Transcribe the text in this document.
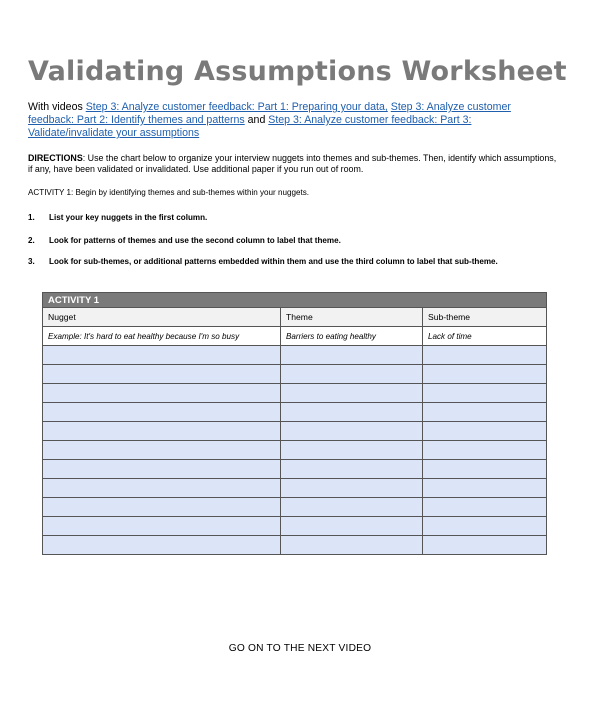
Validating Assumptions Worksheet
With videos Step 3: Analyze customer feedback: Part 1: Preparing your data, Step 3: Analyze customer feedback: Part 2: Identify themes and patterns and Step 3: Analyze customer feedback: Part 3: Validate/invalidate your assumptions
DIRECTIONS: Use the chart below to organize your interview nuggets into themes and sub-themes. Then, identify which assumptions, if any, have been validated or invalidated. Use additional paper if you run out of room.
ACTIVITY 1: Begin by identifying themes and sub-themes within your nuggets.
1. List your key nuggets in the first column.
2. Look for patterns of themes and use the second column to label that theme.
3. Look for sub-themes, or additional patterns embedded within them and use the third column to label that sub-theme.
ACTIVITY 1		
Nugget	Theme	Sub-theme
Example: It's hard to eat healthy because I'm so busy	Barriers to eating healthy	Lack of time

GO ON TO THE NEXT VIDEO
